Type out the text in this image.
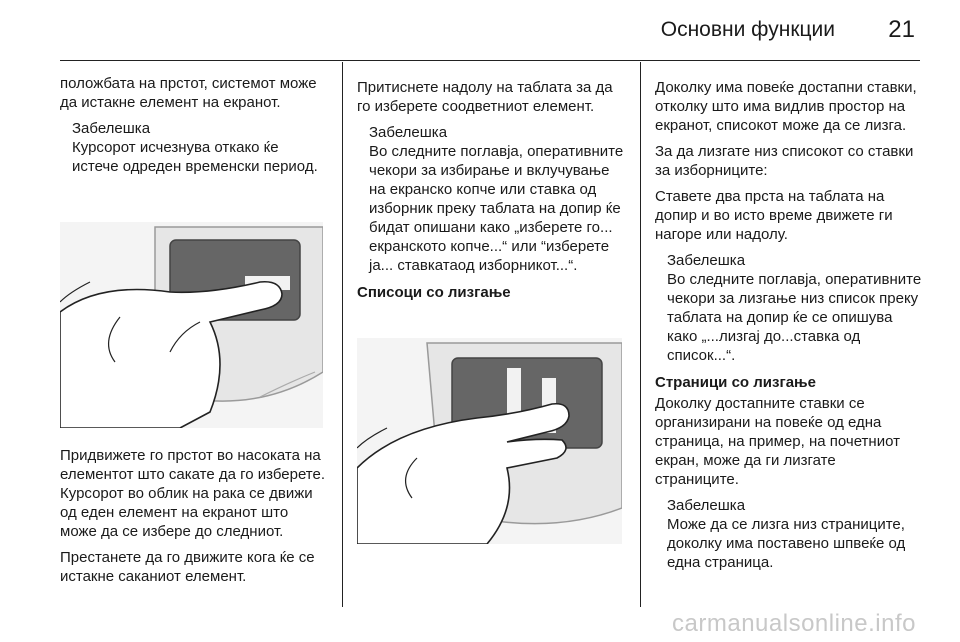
Основни функции 21

положбата на прстот, системот може да истакне елемент на екранот.

Забелешка
Курсорот исчезнува откако ќе истече одреден временски период.

Придвижете го прстот во насоката на елементот што сакате да го изберете. Курсорот во облик на рака се движи од еден елемент на екранот што може да се избере до следниот.

Престанете да го движите кога ќе се истакне саканиот елемент.

Притиснете надолу на таблата за да го изберете соодветниот елемент.

Забелешка
Во следните поглавја, оперативните чекори за избирање и вклучување на екранско копче или ставка од изборник преку таблата на допир ќе бидат опишани како „изберете го... екранското копче...“ или “изберете ја... ставкатаод изборникот...“.
Списоци со лизгање

Доколку има повеќе достапни ставки, отколку што има видлив простор на екранот, списокот може да се лизга.

За да лизгате низ списокот со ставки за изборниците:

Ставете два прста на таблата на допир и во исто време движете ги нагоре или надолу.

Забелешка
Во следните поглавја, оперативните чекори за лизгање низ список преку таблата на допир ќе се опишува како „...лизгај до...ставка од список...“.
Страници со лизгање

Доколку достапните ставки се организирани на повеќе од една страница, на пример, на почетниот екран, може да ги лизгате страниците.

Забелешка
Може да се лизга низ страниците, доколку има поставено шпвеќе од една страница.
carmanualsonline.info
